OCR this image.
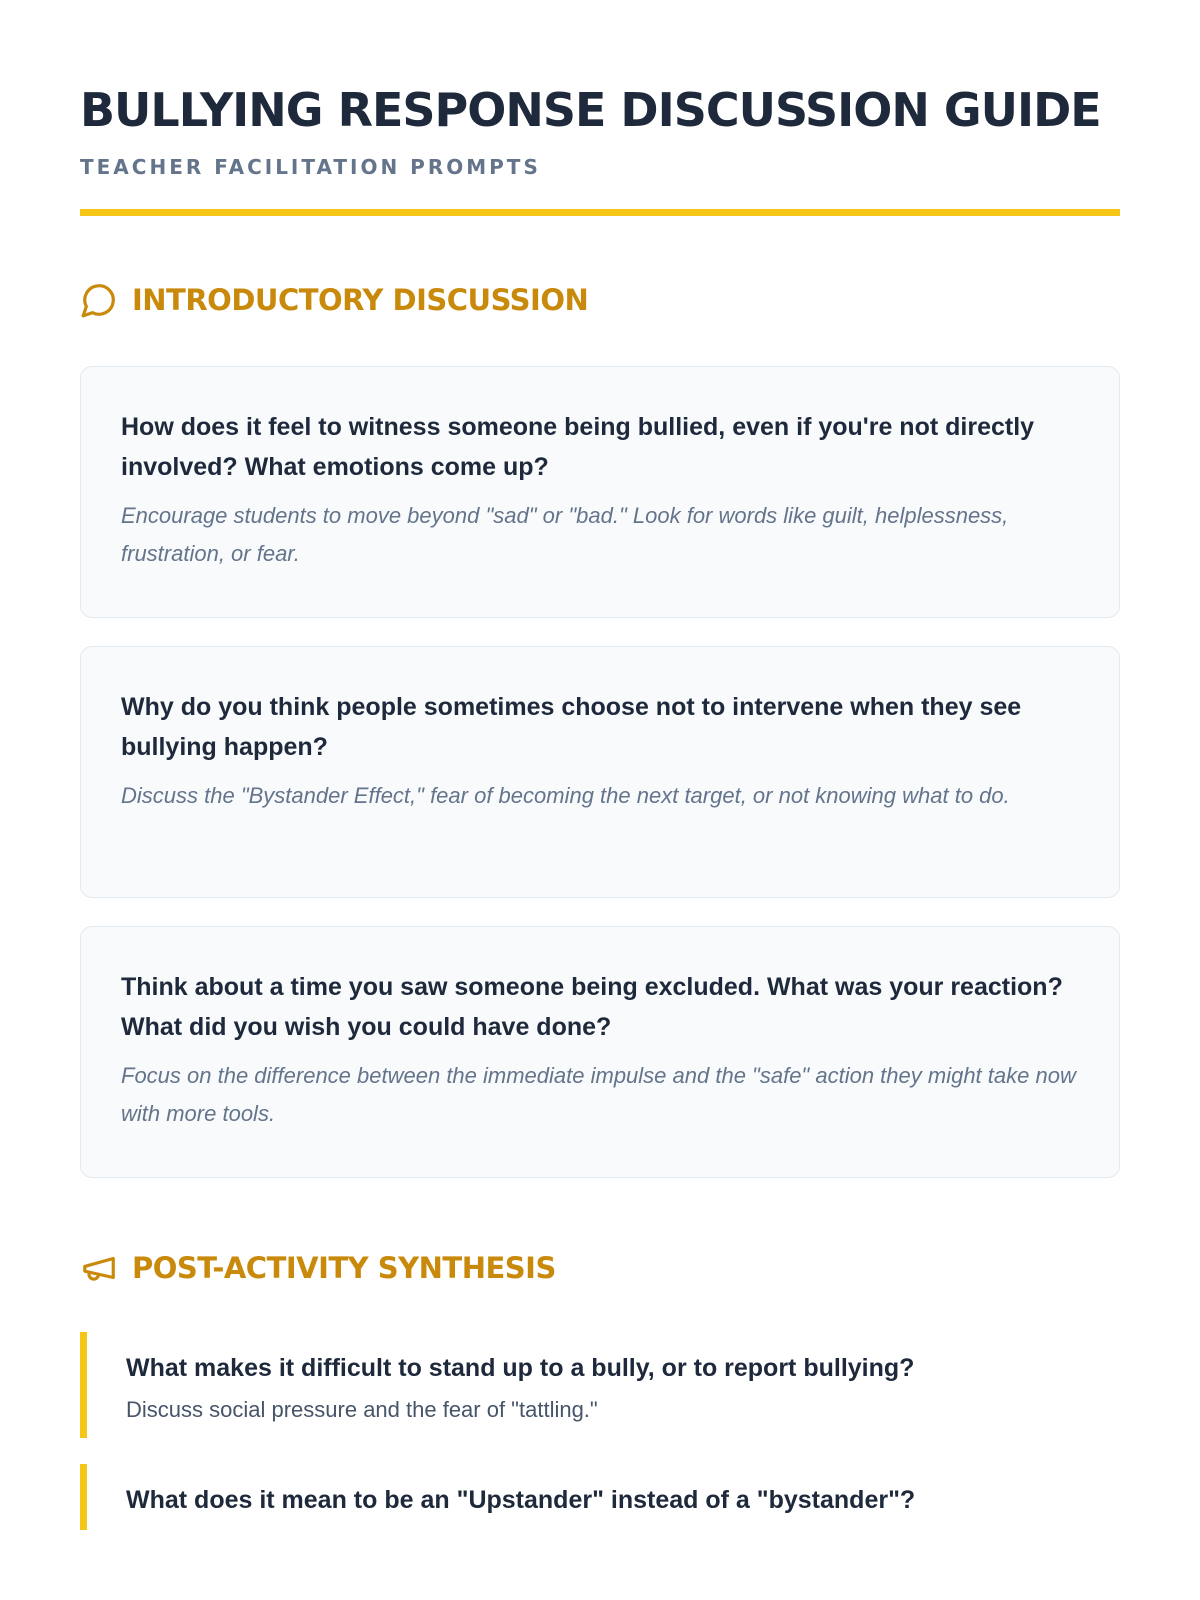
BULLYING RESPONSE DISCUSSION GUIDE
TEACHER FACILITATION PROMPTS
INTRODUCTORY DISCUSSION

How does it feel to witness someone being bullied, even if you're not directly involved? What emotions come up?

Encourage students to move beyond "sad" or "bad." Look for words like guilt, helplessness, frustration, or fear.

Why do you think people sometimes choose not to intervene when they see bullying happen?

Discuss the "Bystander Effect," fear of becoming the next target, or not knowing what to do.

Think about a time you saw someone being excluded. What was your reaction? What did you wish you could have done?

Focus on the difference between the immediate impulse and the "safe" action they might take now with more tools.

POST-ACTIVITY SYNTHESIS

What makes it difficult to stand up to a bully, or to report bullying?

Discuss social pressure and the fear of "tattling."

What does it mean to be an "Upstander" instead of a "bystander"?
